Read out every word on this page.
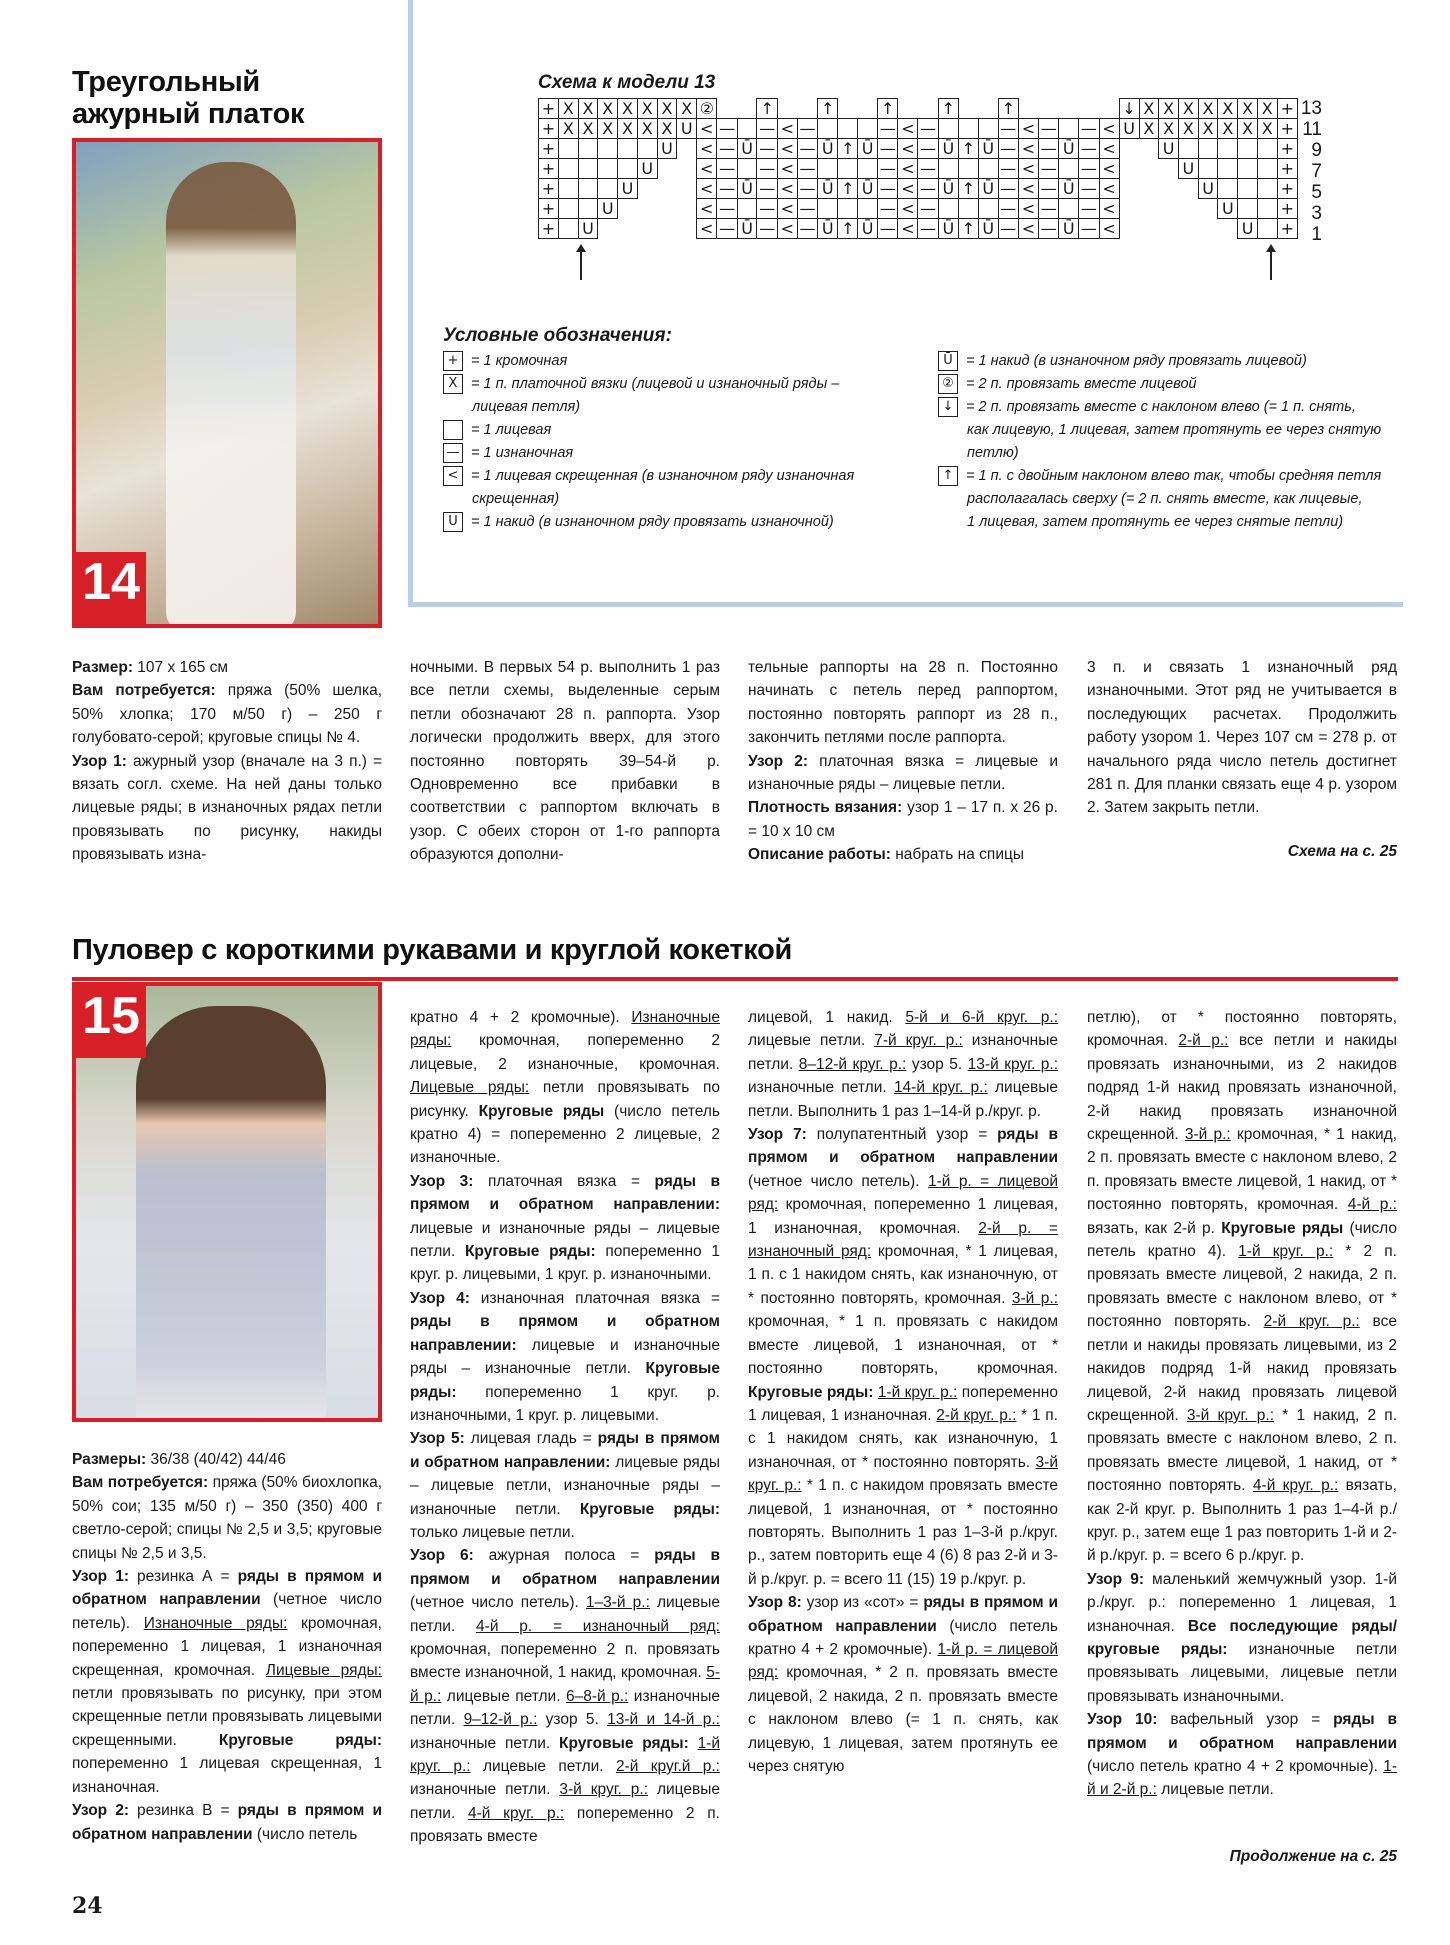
Треугольный
ажурный платок
14
Схема к модели 13
+	X	X	X	X	X	X	X	②			↑			↑			↑			↑			↑						↓	X	X	X	X	X	X	X	+
+	X	X	X	X	X	X	U	<	—		—	<	—				—	<	—				—	<	—		—	<	U	X	X	X	X	X	X	X	+
+						U		<	—	Ū	—	<	—	Ū	↑	Ū	—	<	—	Ū	↑	Ū	—	<	—	Ū	—	<			U						+
+					U			<	—		—	<	—				—	<	—				—	<	—		—	<				U					+
+				U				<	—	Ū	—	<	—	Ū	↑	Ū	—	<	—	Ū	↑	Ū	—	<	—	Ū	—	<					U				+
+			U					<	—		—	<	—				—	<	—				—	<	—		—	<						U			+
+		U						<	—	Ū	—	<	—	Ū	↑	Ū	—	<	—	Ū	↑	Ū	—	<	—	Ū	—	<							U		+
13
11
9
7
5
3
1
Условные обозначения:
+ = 1 кромочная
X = 1 п. платочной вязки (лицевой и изнаночный ряды –
лицевая петля)
= 1 лицевая
— = 1 изнаночная
< = 1 лицевая скрещенная (в изнаночном ряду изнаночная
скрещенная)
U = 1 накид (в изнаночном ряду провязать изнаночной)
Ū = 1 накид (в изнаночном ряду провязать лицевой)
② = 2 п. провязать вместе лицевой
↓ = 2 п. провязать вместе с наклоном влево (= 1 п. снять,
как лицевую, 1 лицевая, затем протянуть ее через снятую
петлю)
↑ = 1 п. с двойным наклоном влево так, чтобы средняя петля
располагалась сверху (= 2 п. снять вместе, как лицевые,
1 лицевая, затем протянуть ее через снятые петли)
Размер: 107 х 165 см
Вам потребуется: пряжа (50% шелка, 50% хлопка; 170 м/50 г) – 250 г голубовато-серой; круговые спицы № 4.
Узор 1: ажурный узор (вначале на 3 п.) = вязать согл. схеме. На ней даны только лицевые ряды; в изнаночных рядах петли провязывать по рисунку, накиды провязывать изна-
ночными. В первых 54 р. выполнить 1 раз все петли схемы, выделенные серым петли обозначают 28 п. раппорта. Узор логически продолжить вверх, для этого постоянно повторять 39–54-й р. Одновременно все прибавки в соответствии с раппортом включать в узор. С обеих сторон от 1-го раппорта образуются дополни-
тельные раппорты на 28 п. Постоянно начинать с петель перед раппортом, постоянно повторять раппорт из 28 п., закончить петлями после раппорта.
Узор 2: платочная вязка = лицевые и изнаночные ряды – лицевые петли.
Плотность вязания: узор 1 – 17 п. х 26 р. = 10 х 10 см
Описание работы: набрать на спицы
3 п. и связать 1 изнаночный ряд изнаночными. Этот ряд не учитывается в последующих расчетах. Продолжить работу узором 1. Через 107 см = 278 р. от начального ряда число петель достигнет 281 п. Для планки связать еще 4 р. узором 2. Затем закрыть петли.
Схема на с. 25
Пуловер с короткими рукавами и круглой кокеткой
15
Размеры: 36/38 (40/42) 44/46
Вам потребуется: пряжа (50% биохлопка, 50% сои; 135 м/50 г) – 350 (350) 400 г светло-серой; спицы № 2,5 и 3,5; круговые спицы № 2,5 и 3,5.
Узор 1: резинка А = ряды в прямом и обратном направлении (четное число петель). Изнаночные ряды: кромочная, попеременно 1 лицевая, 1 изнаночная скрещенная, кромочная. Лицевые ряды: петли провязывать по рисунку, при этом скрещенные петли провязывать лицевыми скрещенными. Круговые ряды: попеременно 1 лицевая скрещенная, 1 изнаночная.
Узор 2: резинка В = ряды в прямом и обратном направлении (число петель
кратно 4 + 2 кромочные). Изнаночные ряды: кромочная, попеременно 2 лицевые, 2 изнаночные, кромочная. Лицевые ряды: петли провязывать по рисунку. Круговые ряды (число петель кратно 4) = попеременно 2 лицевые, 2 изнаночные.
Узор 3: платочная вязка = ряды в прямом и обратном направлении: лицевые и изнаночные ряды – лицевые петли. Круговые ряды: попеременно 1 круг. р. лицевыми, 1 круг. р. изнаночными.
Узор 4: изнаночная платочная вязка = ряды в прямом и обратном направлении: лицевые и изнаночные ряды – изнаночные петли. Круговые ряды: попеременно 1 круг. р. изнаночными, 1 круг. р. лицевыми.
Узор 5: лицевая гладь = ряды в прямом и обратном направлении: лицевые ряды – лицевые петли, изнаночные ряды – изнаночные петли. Круговые ряды: только лицевые петли.
Узор 6: ажурная полоса = ряды в прямом и обратном направлении (четное число петель). 1–3-й р.: лицевые петли. 4-й р. = изнаночный ряд: кромочная, попеременно 2 п. провязать вместе изнаночной, 1 накид, кромочная. 5-й р.: лицевые петли. 6–8-й р.: изнаночные петли. 9–12-й р.: узор 5. 13-й и 14-й р.: изнаночные петли. Круговые ряды: 1-й круг. р.: лицевые петли. 2-й круг.й р.: изнаночные петли. 3-й круг. р.: лицевые петли. 4-й круг. р.: попеременно 2 п. провязать вместе
лицевой, 1 накид. 5-й и 6-й круг. р.: лицевые петли. 7-й круг. р.: изнаночные петли. 8–12-й круг. р.: узор 5. 13-й круг. р.: изнаночные петли. 14-й круг. р.: лицевые петли. Выполнить 1 раз 1–14-й р./круг. р.
Узор 7: полупатентный узор = ряды в прямом и обратном направлении (четное число петель). 1-й р. = лицевой ряд: кромочная, попеременно 1 лицевая, 1 изнаночная, кромочная. 2-й р. = изнаночный ряд: кромочная, * 1 лицевая, 1 п. с 1 накидом снять, как изнаночную, от * постоянно повторять, кромочная. 3-й р.: кромочная, * 1 п. провязать с накидом вместе лицевой, 1 изнаночная, от * постоянно повторять, кромочная. Круговые ряды: 1-й круг. р.: попеременно 1 лицевая, 1 изнаночная. 2-й круг. р.: * 1 п. с 1 накидом снять, как изнаночную, 1 изнаночная, от * постоянно повторять. 3-й круг. р.: * 1 п. с накидом провязать вместе лицевой, 1 изнаночная, от * постоянно повторять. Выполнить 1 раз 1–3-й р./круг. р., затем повторить еще 4 (6) 8 раз 2-й и 3-й р./круг. р. = всего 11 (15) 19 р./круг. р.
Узор 8: узор из «сот» = ряды в прямом и обратном направлении (число петель кратно 4 + 2 кромочные). 1-й р. = лицевой ряд: кромочная, * 2 п. провязать вместе лицевой, 2 накида, 2 п. провязать вместе с наклоном влево (= 1 п. снять, как лицевую, 1 лицевая, затем протянуть ее через снятую
петлю), от * постоянно повторять, кромочная. 2-й р.: все петли и накиды провязать изнаночными, из 2 накидов подряд 1-й накид провязать изнаночной, 2-й накид провязать изнаночной скрещенной. 3-й р.: кромочная, * 1 накид, 2 п. провязать вместе с наклоном влево, 2 п. провязать вместе лицевой, 1 накид, от * постоянно повторять, кромочная. 4-й р.: вязать, как 2-й р. Круговые ряды (число петель кратно 4). 1-й круг. р.: * 2 п. провязать вместе лицевой, 2 накида, 2 п. провязать вместе с наклоном влево, от * постоянно повторять. 2-й круг. р.: все петли и накиды провязать лицевыми, из 2 накидов подряд 1-й накид провязать лицевой, 2-й накид провязать лицевой скрещенной. 3-й круг. р.: * 1 накид, 2 п. провязать вместе с наклоном влево, 2 п. провязать вместе лицевой, 1 накид, от * постоянно повторять. 4-й круг. р.: вязать, как 2-й круг. р. Выполнить 1 раз 1–4-й р./круг. р., затем еще 1 раз повторить 1-й и 2-й р./круг. р. = всего 6 р./круг. р.
Узор 9: маленький жемчужный узор. 1-й р./круг. р.: попеременно 1 лицевая, 1 изнаночная. Все последующие ряды/круговые ряды: изнаночные петли провязывать лицевыми, лицевые петли провязывать изнаночными.
Узор 10: вафельный узор = ряды в прямом и обратном направлении (число петель кратно 4 + 2 кромочные). 1-й и 2-й р.: лицевые петли.
Продолжение на с. 25
24
